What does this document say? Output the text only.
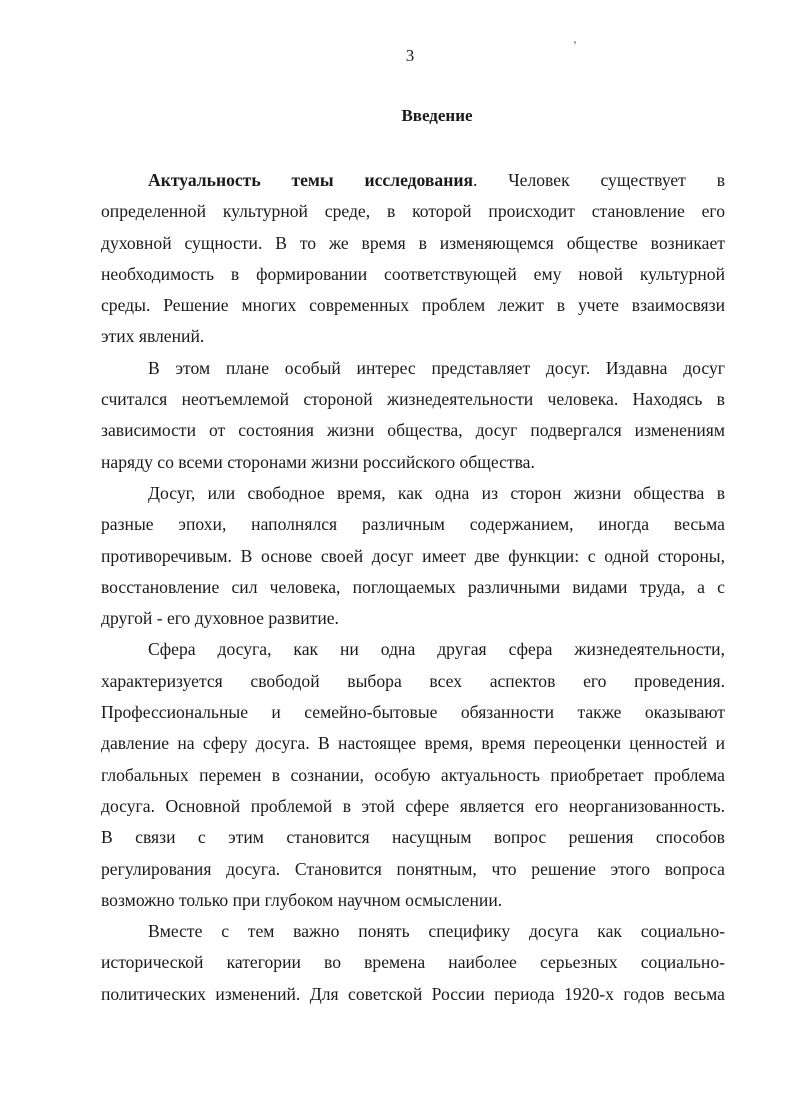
3
’
Введение
Актуальность темы исследования. Человек существует в
определенной культурной среде, в которой происходит становление его
духовной сущности. В то же время в изменяющемся обществе возникает
необходимость в формировании соответствующей ему новой культурной
среды. Решение многих современных проблем лежит в учете взаимосвязи
этих явлений.
В этом плане особый интерес представляет досуг. Издавна досуг
считался неотъемлемой стороной жизнедеятельности человека. Находясь в
зависимости от состояния жизни общества, досуг подвергался изменениям
наряду со всеми сторонами жизни российского общества.
Досуг, или свободное время, как одна из сторон жизни общества в
разные эпохи, наполнялся различным содержанием, иногда весьма
противоречивым. В основе своей досуг имеет две функции: с одной стороны,
восстановление сил человека, поглощаемых различными видами труда, а с
другой - его духовное развитие.
Сфера досуга, как ни одна другая сфера жизнедеятельности,
характеризуется свободой выбора всех аспектов его проведения.
Профессиональные и семейно-бытовые обязанности также оказывают
давление на сферу досуга. В настоящее время, время переоценки ценностей и
глобальных перемен в сознании, особую актуальность приобретает проблема
досуга. Основной проблемой в этой сфере является его неорганизованность.
В связи с этим становится насущным вопрос решения способов
регулирования досуга. Становится понятным, что решение этого вопроса
возможно только при глубоком научном осмыслении.
Вместе с тем важно понять специфику досуга как социально-
исторической категории во времена наиболее серьезных социально-
политических изменений. Для советской России периода 1920-х годов весьма
